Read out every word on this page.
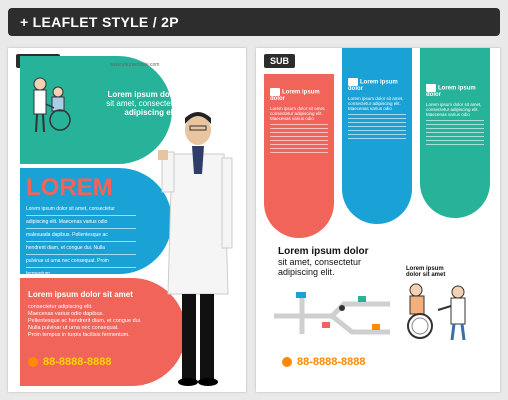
+ LEAFLET STYLE / 2P
www.yourwebsite.com
Lorem ipsum dolor
sit amet, consectetur
adipiscing elit.
LOREM
Lorem ipsum dolor sit amet, consectetur
adipiscing elit. Maecenas varius odio
malesuada dapibus. Pellentesque ac
hendrerit diam, et congue dui. Nulla
pulvinar ut urna nec consequat. Proin
fermentum
Lorem ipsum dolor sit amet
consectetur adipiscing elit.
Maecenas varius odio dapibus.
Pellentesque ac hendrerit diam, et congue dui.
Nulla pulvinar ut urna nec consequat.
Proin tempus in turpis facilisis fermentum.
88-8888-8888
SUB
Lorem ipsum dolor
Lorem ipsum dolor sit amet, consectetur adipiscing elit. Maecenas varius odio
Lorem ipsum dolor
Lorem ipsum dolor sit amet, consectetur adipiscing elit. Maecenas varius odio
Lorem ipsum dolor
Lorem ipsum dolor sit amet, consectetur adipiscing elit. Maecenas varius odio
Lorem ipsum dolor
sit amet, consectetur
adipiscing elit.	Lorem ipsum
dolor sit amet
88-8888-8888
